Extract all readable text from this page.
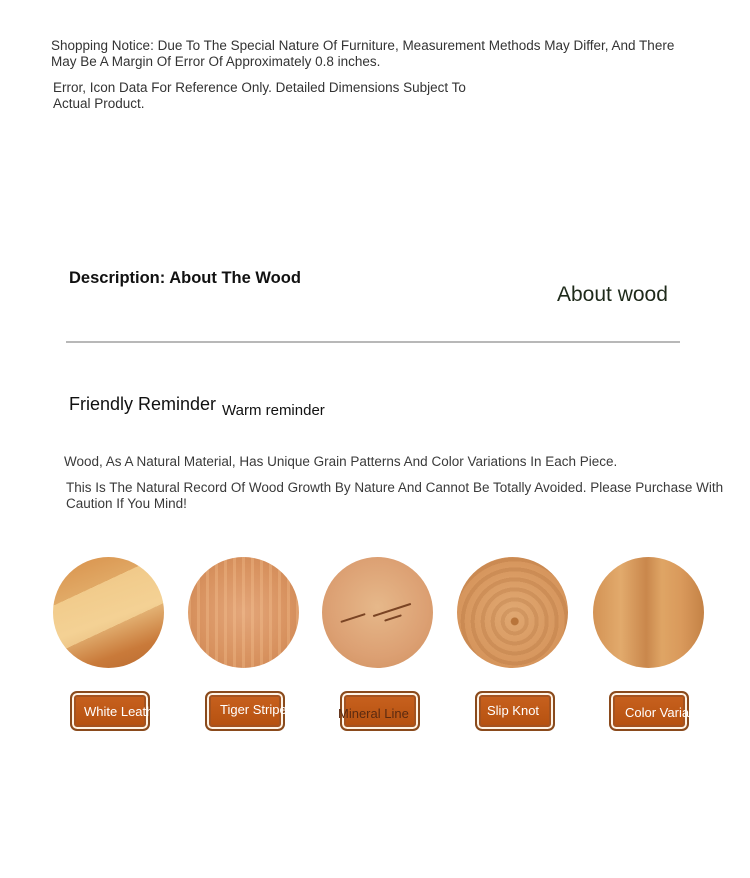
Shopping Notice: Due To The Special Nature Of Furniture, Measurement Methods May Differ, And There May Be A Margin Of Error Of Approximately 0.8 inches.
Error, Icon Data For Reference Only. Detailed Dimensions Subject To Actual Product.
Description: About The Wood
About wood
Friendly Reminder Warm reminder
Wood, As A Natural Material, Has Unique Grain Patterns And Color Variations In Each Piece.
This Is The Natural Record Of Wood Growth By Nature And Cannot Be Totally Avoided. Please Purchase With Caution If You Mind!
White Leather	Tiger Stripe	Mineral Line	Slip Knot	Color Variation
